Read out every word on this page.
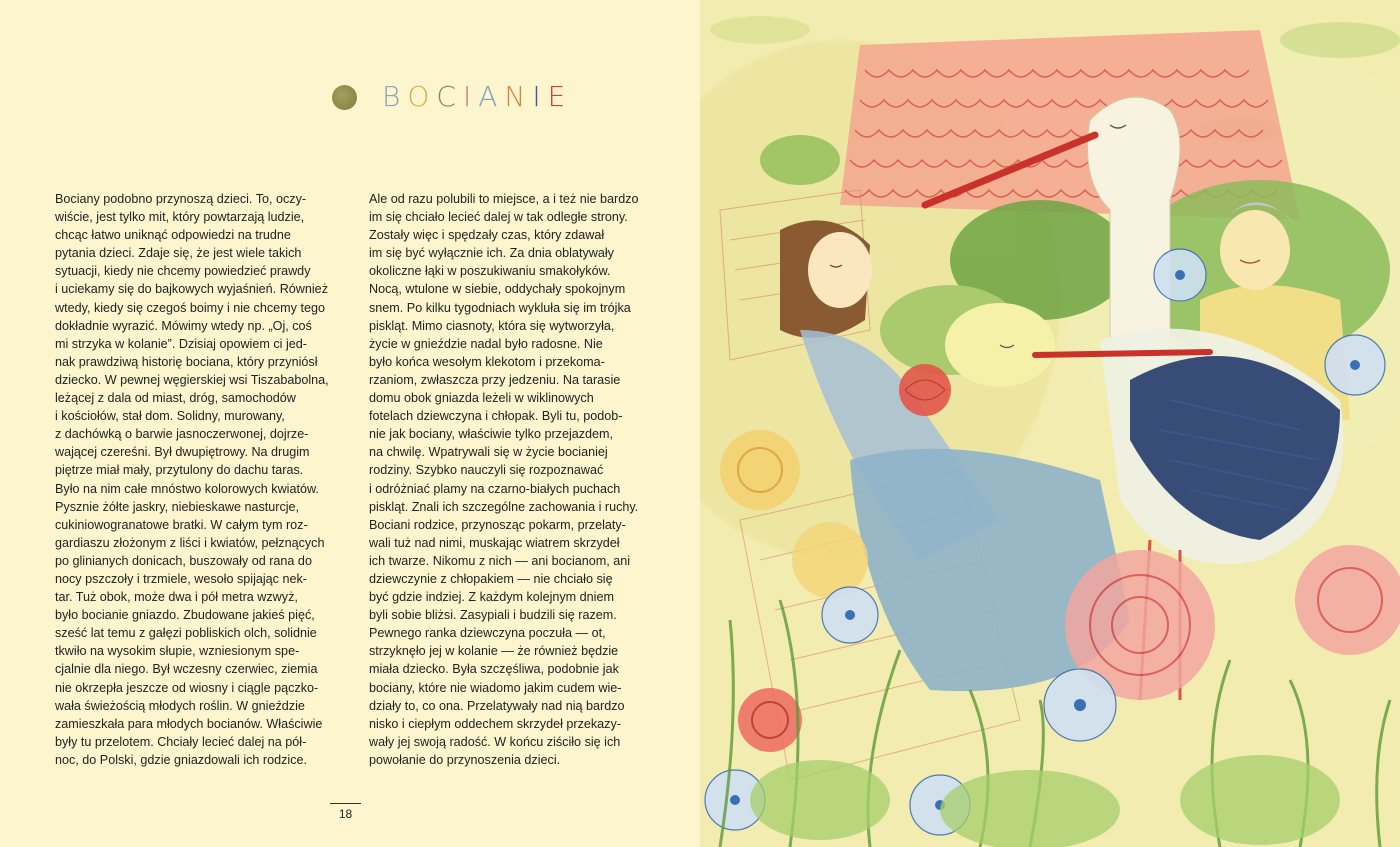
B O C I A N I E
Bociany podobno przynoszą dzieci. To, oczy-
wiście, jest tylko mit, który powtarzają ludzie,
chcąc łatwo uniknąć odpowiedzi na trudne
pytania dzieci. Zdaje się, że jest wiele takich
sytuacji, kiedy nie chcemy powiedzieć prawdy
i uciekamy się do bajkowych wyjaśnień. Również
wtedy, kiedy się czegoś boimy i nie chcemy tego
dokładnie wyrazić. Mówimy wtedy np. „Oj, coś
mi strzyka w kolanie”. Dzisiaj opowiem ci jed-
nak prawdziwą historię bociana, który przyniósł
dziecko. W pewnej węgierskiej wsi Tiszababolna,
leżącej z dala od miast, dróg, samochodów
i kościołów, stał dom. Solidny, murowany,
z dachówką o barwie jasnoczerwonej, dojrze-
wającej czereśni. Był dwupiętrowy. Na drugim
piętrze miał mały, przytulony do dachu taras.
Było na nim całe mnóstwo kolorowych kwiatów.
Pysznie żółte jaskry, niebieskawe nasturcje,
cukiniowogranatowe bratki. W całym tym roz-
gardiaszu złożonym z liści i kwiatów, pełznących
po glinianych donicach, buszowały od rana do
nocy pszczoły i trzmiele, wesoło spijając nek-
tar. Tuż obok, może dwa i pół metra wzwyż,
było bocianie gniazdo. Zbudowane jakieś pięć,
sześć lat temu z gałęzi pobliskich olch, solidnie
tkwiło na wysokim słupie, wzniesionym spe-
cjalnie dla niego. Był wczesny czerwiec, ziemia
nie okrzepła jeszcze od wiosny i ciągle pączko-
wała świeżością młodych roślin. W gnieździe
zamieszkała para młodych bocianów. Właściwie
były tu przelotem. Chciały lecieć dalej na pół-
noc, do Polski, gdzie gniazdowali ich rodzice.
Ale od razu polubili to miejsce, a i też nie bardzo
im się chciało lecieć dalej w tak odległe strony.
Zostały więc i spędzały czas, który zdawał
im się być wyłącznie ich. Za dnia oblatywały
okoliczne łąki w poszukiwaniu smakołyków.
Nocą, wtulone w siebie, oddychały spokojnym
snem. Po kilku tygodniach wykluła się im trójka
piskląt. Mimo ciasnoty, która się wytworzyła,
życie w gnieździe nadal było radosne. Nie
było końca wesołym klekotom i przekoma-
rzaniom, zwłaszcza przy jedzeniu. Na tarasie
domu obok gniazda leżeli w wiklinowych
fotelach dziewczyna i chłopak. Byli tu, podob-
nie jak bociany, właściwie tylko przejazdem,
na chwilę. Wpatrywali się w życie bocianiej
rodziny. Szybko nauczyli się rozpoznawać
i odróżniać plamy na czarno-białych puchach
piskląt. Znali ich szczególne zachowania i ruchy.
Bociani rodzice, przynosząc pokarm, przelaty-
wali tuż nad nimi, muskając wiatrem skrzydeł
ich twarze. Nikomu z nich — ani bocianom, ani
dziewczynie z chłopakiem — nie chciało się
być gdzie indziej. Z każdym kolejnym dniem
byli sobie bliżsi. Zasypiali i budzili się razem.
Pewnego ranka dziewczyna poczuła — ot,
strzyknęło jej w kolanie — że również będzie
miała dziecko. Była szczęśliwa, podobnie jak
bociany, które nie wiadomo jakim cudem wie-
działy to, co ona. Przelatywały nad nią bardzo
nisko i ciepłym oddechem skrzydeł przekazy-
wały jej swoją radość. W końcu ziściło się ich
powołanie do przynoszenia dzieci.
18
